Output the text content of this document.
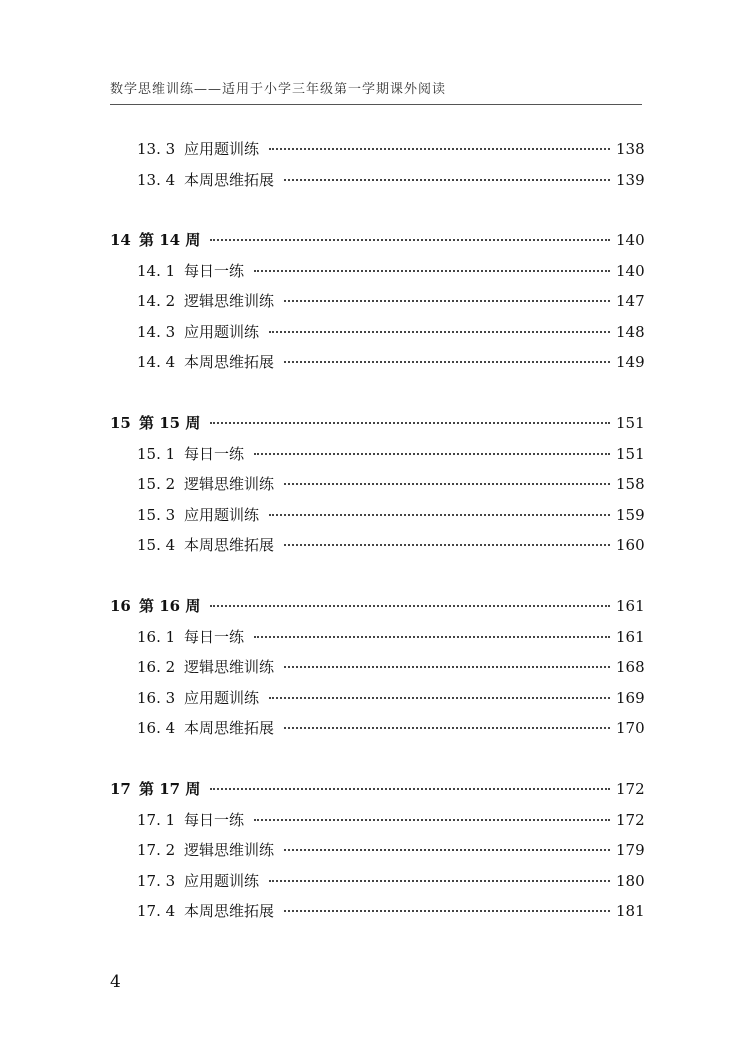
数学思维训练——适用于小学三年级第一学期课外阅读
13. 3 应用题训练	138
13. 4 本周思维拓展	139
14 第 14 周	140
14. 1 每日一练	140
14. 2 逻辑思维训练	147
14. 3 应用题训练	148
14. 4 本周思维拓展	149
15 第 15 周	151
15. 1 每日一练	151
15. 2 逻辑思维训练	158
15. 3 应用题训练	159
15. 4 本周思维拓展	160
16 第 16 周	161
16. 1 每日一练	161
16. 2 逻辑思维训练	168
16. 3 应用题训练	169
16. 4 本周思维拓展	170
17 第 17 周	172
17. 1 每日一练	172
17. 2 逻辑思维训练	179
17. 3 应用题训练	180
17. 4 本周思维拓展	181
4
